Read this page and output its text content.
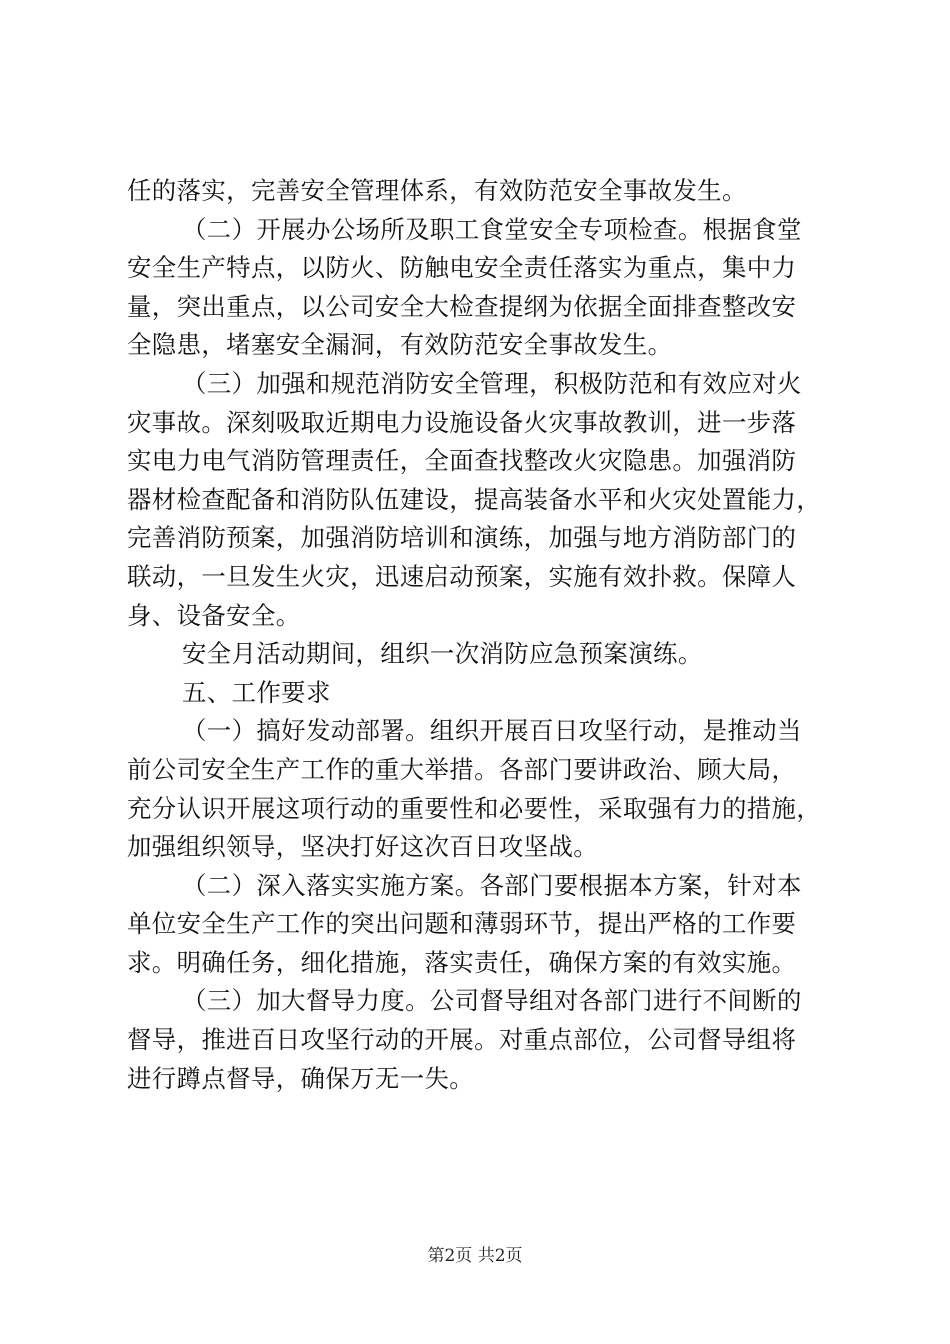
任的落实，完善安全管理体系，有效防范安全事故发生。
（二）开展办公场所及职工食堂安全专项检查。根据食堂
安全生产特点，以防火、防触电安全责任落实为重点，集中力
量，突出重点，以公司安全大检查提纲为依据全面排查整改安
全隐患，堵塞安全漏洞，有效防范安全事故发生。
（三）加强和规范消防安全管理，积极防范和有效应对火
灾事故。深刻吸取近期电力设施设备火灾事故教训，进一步落
实电力电气消防管理责任，全面查找整改火灾隐患。加强消防
器材检查配备和消防队伍建设，提高装备水平和火灾处置能力，
完善消防预案，加强消防培训和演练，加强与地方消防部门的
联动，一旦发生火灾，迅速启动预案，实施有效扑救。保障人
身、设备安全。
安全月活动期间，组织一次消防应急预案演练。
五、工作要求
（一）搞好发动部署。组织开展百日攻坚行动，是推动当
前公司安全生产工作的重大举措。各部门要讲政治、顾大局，
充分认识开展这项行动的重要性和必要性，采取强有力的措施，
加强组织领导，坚决打好这次百日攻坚战。
（二）深入落实实施方案。各部门要根据本方案，针对本
单位安全生产工作的突出问题和薄弱环节，提出严格的工作要
求。明确任务，细化措施，落实责任，确保方案的有效实施。
（三）加大督导力度。公司督导组对各部门进行不间断的
督导，推进百日攻坚行动的开展。对重点部位，公司督导组将
进行蹲点督导，确保万无一失。
第2页 共2页
